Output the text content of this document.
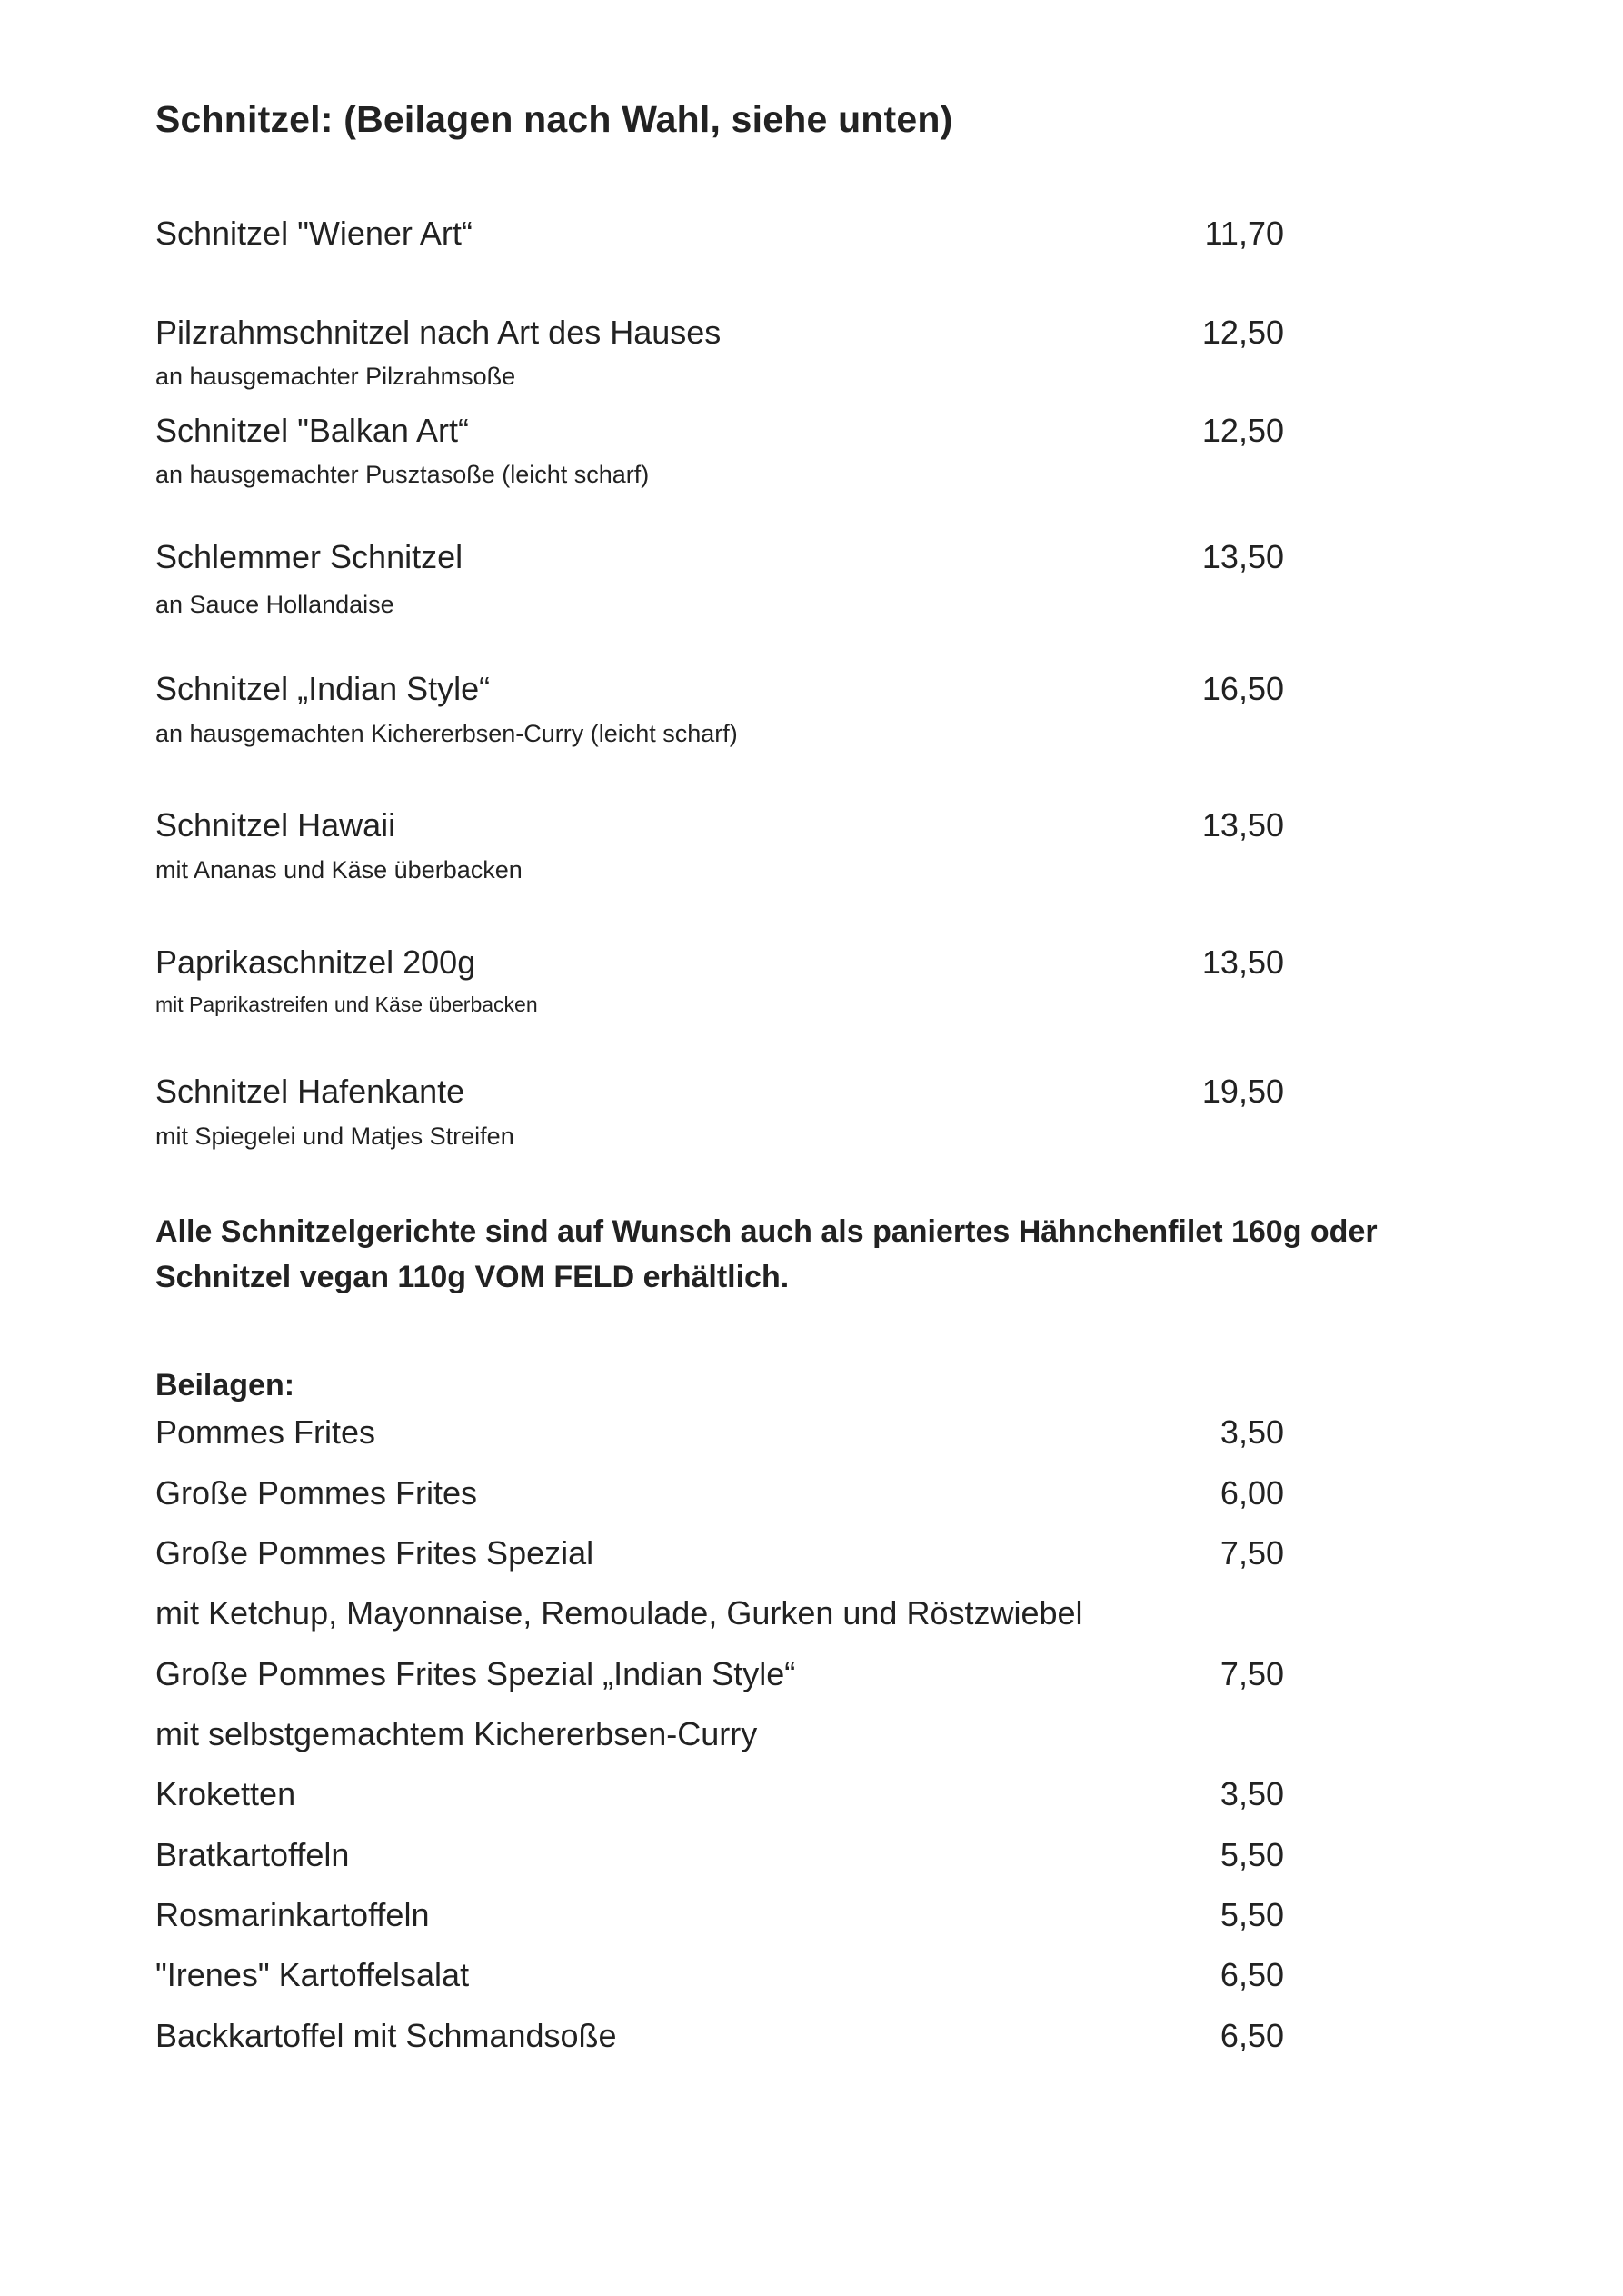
Schnitzel: (Beilagen nach Wahl, siehe unten)
Schnitzel "Wiener Art“	11,70
Pilzrahmschnitzel nach Art des Hauses	12,50
an hausgemachter Pilzrahmsoße
Schnitzel "Balkan Art“	12,50
an hausgemachter Pusztasoße (leicht scharf)
Schlemmer Schnitzel	13,50
an Sauce Hollandaise
Schnitzel „Indian Style“	16,50
an hausgemachten Kichererbsen-Curry (leicht scharf)
Schnitzel Hawaii	13,50
mit Ananas und Käse überbacken
Paprikaschnitzel 200g	13,50
mit Paprikastreifen und Käse überbacken
Schnitzel Hafenkante	19,50
mit Spiegelei und Matjes Streifen
Alle Schnitzelgerichte sind auf Wunsch auch als paniertes Hähnchenfilet 160g oder Schnitzel vegan 110g VOM FELD erhältlich.
Beilagen:
Pommes Frites	3,50
Große Pommes Frites	6,00
Große Pommes Frites Spezial	7,50
mit Ketchup, Mayonnaise, Remoulade, Gurken und Röstzwiebel
Große Pommes Frites Spezial „Indian Style“	7,50
mit selbstgemachtem Kichererbsen-Curry
Kroketten	3,50
Bratkartoffeln	5,50
Rosmarinkartoffeln	5,50
"Irenes" Kartoffelsalat	6,50
Backkartoffel mit Schmandsoße	6,50
